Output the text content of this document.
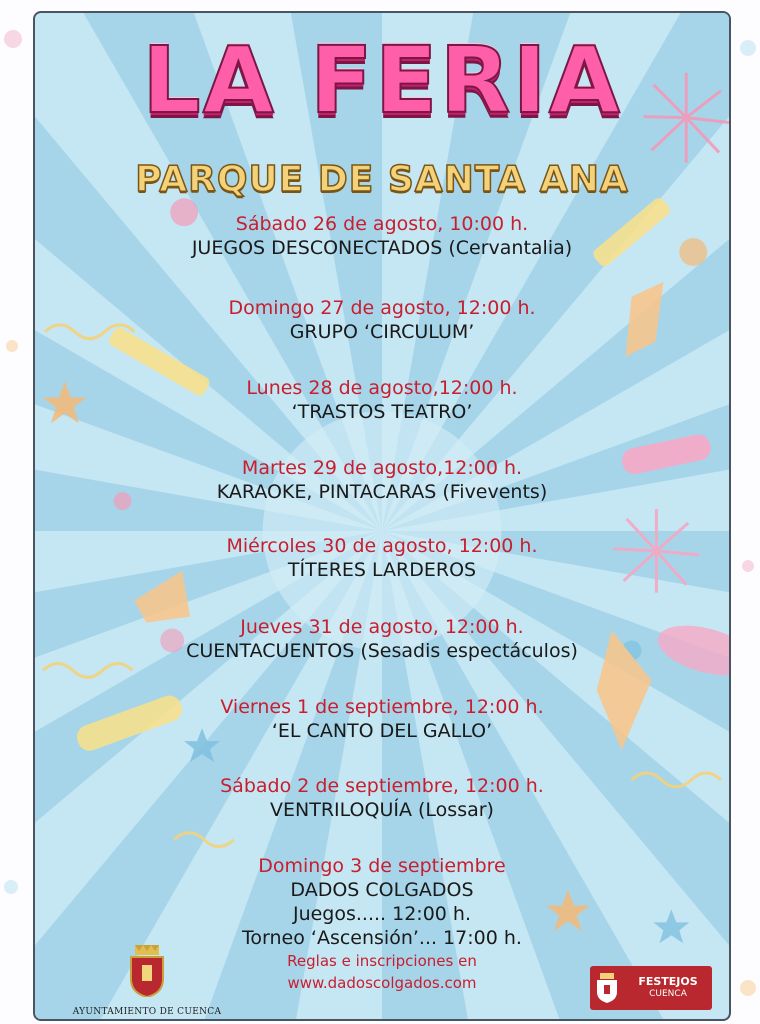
LA FERIA
PARQUE DE SANTA ANA
Sábado 26 de agosto, 10:00 h.
JUEGOS DESCONECTADOS (Cervantalia)
Domingo 27 de agosto, 12:00 h.
GRUPO ‘CIRCULUM’
Lunes 28 de agosto,12:00 h.
‘TRASTOS TEATRO’
Martes 29 de agosto,12:00 h.
KARAOKE, PINTACARAS (Fivevents)
Miércoles 30 de agosto, 12:00 h.
TÍTERES LARDEROS
Jueves 31 de agosto, 12:00 h.
CUENTACUENTOS (Sesadis espectáculos)
Viernes 1 de septiembre, 12:00 h.
‘EL CANTO DEL GALLO’
Sábado 2 de septiembre, 12:00 h.
VENTRILOQUÍA (Lossar)
Domingo 3 de septiembre
DADOS COLGADOS
Juegos..... 12:00 h.
Torneo ‘Ascensión’... 17:00 h.
Reglas e inscripciones en
www.dadoscolgados.com
AYUNTAMIENTO DE CUENCA
FESTEJOS
CUENCA
